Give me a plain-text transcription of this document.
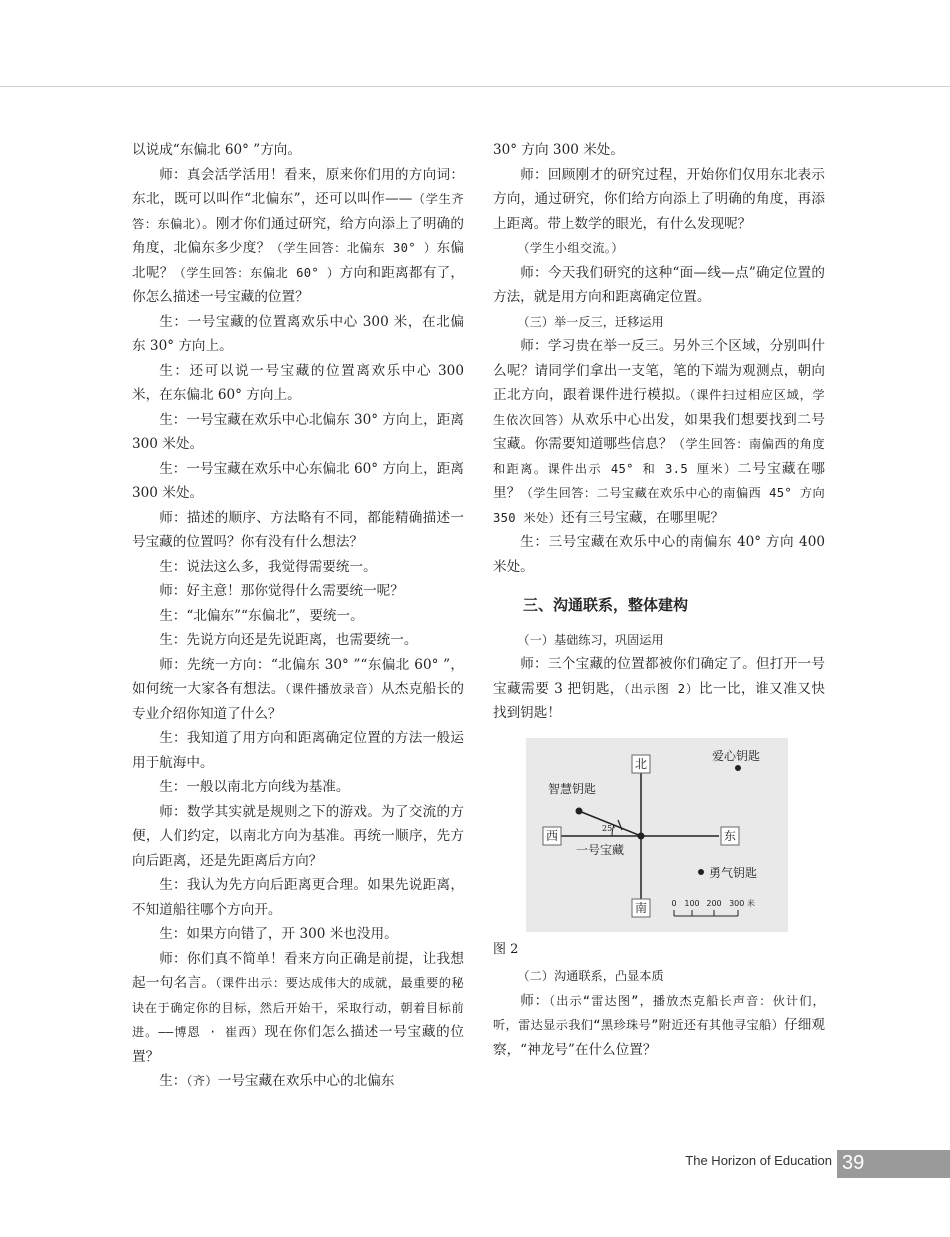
以说成“东偏北 60° ”方向。

师：真会活学活用！看来，原来你们用的方向词：东北，既可以叫作“北偏东”，还可以叫作——（学生齐答：东偏北）。刚才你们通过研究，给方向添上了明确的角度，北偏东多少度？（学生回答：北偏东 30° ）东偏北呢？（学生回答：东偏北 60° ）方向和距离都有了，你怎么描述一号宝藏的位置？

生：一号宝藏的位置离欢乐中心 300 米，在北偏东 30° 方向上。

生：还可以说一号宝藏的位置离欢乐中心 300 米，在东偏北 60° 方向上。

生：一号宝藏在欢乐中心北偏东 30° 方向上，距离 300 米处。

生：一号宝藏在欢乐中心东偏北 60° 方向上，距离 300 米处。

师：描述的顺序、方法略有不同，都能精确描述一号宝藏的位置吗？你有没有什么想法？

生：说法这么多，我觉得需要统一。

师：好主意！那你觉得什么需要统一呢？

生：“北偏东”“东偏北”，要统一。

生：先说方向还是先说距离，也需要统一。

师：先统一方向：“北偏东 30° ”“东偏北 60° ”，如何统一大家各有想法。（课件播放录音）从杰克船长的专业介绍你知道了什么？

生：我知道了用方向和距离确定位置的方法一般运用于航海中。

生：一般以南北方向线为基准。

师：数学其实就是规则之下的游戏。为了交流的方便，人们约定，以南北方向为基准。再统一顺序，先方向后距离，还是先距离后方向？

生：我认为先方向后距离更合理。如果先说距离，不知道船往哪个方向开。

生：如果方向错了，开 300 米也没用。

师：你们真不简单！看来方向正确是前提，让我想起一句名言。（课件出示：要达成伟大的成就，最重要的秘诀在于确定你的目标，然后开始干，采取行动，朝着目标前进。——博恩 · 崔西）现在你们怎么描述一号宝藏的位置？

生：（齐）一号宝藏在欢乐中心的北偏东

30° 方向 300 米处。

师：回顾刚才的研究过程，开始你们仅用东北表示方向，通过研究，你们给方向添上了明确的角度，再添上距离。带上数学的眼光，有什么发现呢？

（学生小组交流。）

师：今天我们研究的这种“面—线—点”确定位置的方法，就是用方向和距离确定位置。

（三）举一反三，迁移运用

师：学习贵在举一反三。另外三个区域，分别叫什么呢？请同学们拿出一支笔，笔的下端为观测点，朝向正北方向，跟着课件进行模拟。（课件扫过相应区域，学生依次回答）从欢乐中心出发，如果我们想要找到二号宝藏。你需要知道哪些信息？（学生回答：南偏西的角度和距离。课件出示 45° 和 3.5 厘米）二号宝藏在哪里？（学生回答：二号宝藏在欢乐中心的南偏西 45° 方向 350 米处）还有三号宝藏，在哪里呢？

生：三号宝藏在欢乐中心的南偏东 40° 方向 400 米处。

三、沟通联系，整体建构

（一）基础练习，巩固运用

师：三个宝藏的位置都被你们确定了。但打开一号宝藏需要 3 把钥匙，（出示图 2）比一比，谁又准又快找到钥匙！

北
南
西	东
25°
一号宝藏
爱心钥匙
智慧钥匙
勇气钥匙
0 100 200 300 米

图 2

（二）沟通联系，凸显本质

师：（出示“雷达图”，播放杰克船长声音：伙计们，听，雷达显示我们“黑珍珠号”附近还有其他寻宝船）仔细观察，“神龙号”在什么位置？

The Horizon of Education 39
